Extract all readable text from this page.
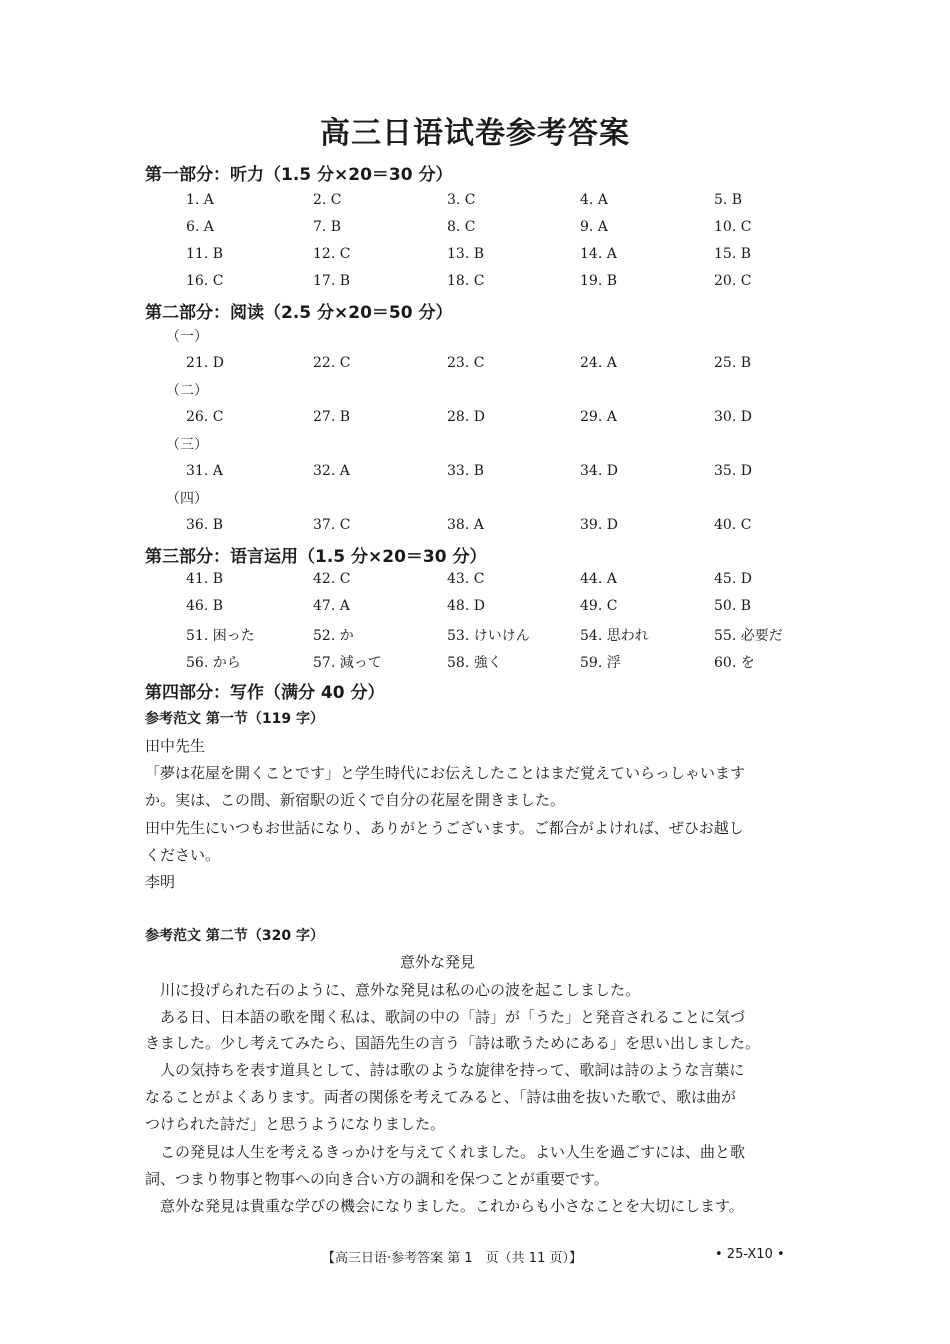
高三日语试卷参考答案
第一部分：听力（1.5 分×20＝30 分）
1. A	2. C	3. C	4. A	5. B
6. A	7. B	8. C	9. A	10. C
11. B	12. C	13. B	14. A	15. B
16. C	17. B	18. C	19. B	20. C
第二部分：阅读（2.5 分×20＝50 分）
（一）
（二）
（三）
（四）
21. D	22. C	23. C	24. A	25. B
26. C	27. B	28. D	29. A	30. D
31. A	32. A	33. B	34. D	35. D
36. B	37. C	38. A	39. D	40. C
第三部分：语言运用（1.5 分×20＝30 分）
41. B	42. C	43. C	44. A	45. D
46. B	47. A	48. D	49. C	50. B
51. 困った	52. か	53. けいけん	54. 思われ	55. 必要だ
56. から	57. 減って	58. 強く	59. 浮	60. を
第四部分：写作（满分 40 分）
参考范文 第一节（119 字）
田中先生
「夢は花屋を開くことです」と学生時代にお伝えしたことはまだ覚えていらっしゃいます
か。実は、この間、新宿駅の近くで自分の花屋を開きました。
田中先生にいつもお世話になり、ありがとうございます。ご都合がよければ、ぜひお越し
ください。
李明
参考范文 第二节（320 字）
意外な発見
　川に投げられた石のように、意外な発見は私の心の波を起こしました。
　ある日、日本語の歌を聞く私は、歌詞の中の「詩」が「うた」と発音されることに気づ
きました。少し考えてみたら、国語先生の言う「詩は歌うためにある」を思い出しました。
　人の気持ちを表す道具として、詩は歌のような旋律を持って、歌詞は詩のような言葉に
なることがよくあります。両者の関係を考えてみると、「詩は曲を抜いた歌で、歌は曲が
つけられた詩だ」と思うようになりました。
　この発見は人生を考えるきっかけを与えてくれました。よい人生を過ごすには、曲と歌
詞、つまり物事と物事への向き合い方の調和を保つことが重要です。
　意外な発見は貴重な学びの機会になりました。これからも小さなことを大切にします。
【高三日语·参考答案 第 1　页（共 11 页）】	• 25-X10 •
